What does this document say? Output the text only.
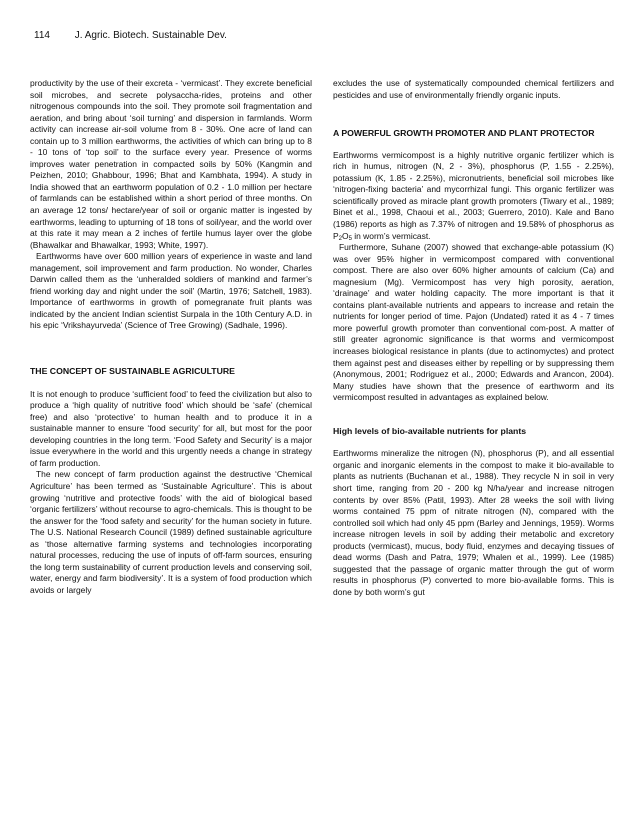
114 J. Agric. Biotech. Sustainable Dev.

productivity by the use of their excreta - ‘vermicast’. They excrete beneficial soil microbes, and secrete polysaccha-rides, proteins and other nitrogenous compounds into the soil. They promote soil fragmentation and aeration, and bring about ‘soil turning’ and dispersion in farmlands. Worm activity can increase air-soil volume from 8 - 30%. One acre of land can contain up to 3 million earthworms, the activities of which can bring up to 8 - 10 tons of ‘top soil’ to the surface every year. Presence of worms improves water penetration in compacted soils by 50% (Kangmin and Peizhen, 2010; Ghabbour, 1996; Bhat and Kambhata, 1994). A study in India showed that an earthworm population of 0.2 - 1.0 million per hectare of farmlands can be established within a short period of three months. On an average 12 tons/ hectare/year of soil or organic matter is ingested by earthworms, leading to upturning of 18 tons of soil/year, and the world over at this rate it may mean a 2 inches of fertile humus layer over the globe (Bhawalkar and Bhawalkar, 1993; White, 1997).

Earthworms have over 600 million years of experience in waste and land management, soil improvement and farm production. No wonder, Charles Darwin called them as the ‘unheralded soldiers of mankind and farmer’s friend working day and night under the soil’ (Martin, 1976; Satchell, 1983). Importance of earthworms in growth of pomegranate fruit plants was indicated by the ancient Indian scientist Surpala in the 10th Century A.D. in his epic ‘Vrikshayurveda’ (Science of Tree Growing) (Sadhale, 1996).

THE CONCEPT OF SUSTAINABLE AGRICULTURE

It is not enough to produce ‘sufficient food’ to feed the civilization but also to produce a ‘high quality of nutritive food’ which should be ‘safe’ (chemical free) and also ‘protective’ to human health and to produce it in a sustainable manner to ensure ‘food security’ for all, but most for the poor developing countries in the long term. ‘Food Safety and Security’ is a major issue everywhere in the world and this urgently needs a change in strategy of farm production.

The new concept of farm production against the destructive ‘Chemical Agriculture’ has been termed as ‘Sustainable Agriculture’. This is about growing ‘nutritive and protective foods’ with the aid of biological based ‘organic fertilizers’ without recourse to agro-chemicals. This is thought to be the answer for the ‘food safety and security’ for the human society in future. The U.S. National Research Council (1989) defined sustainable agriculture as ‘those alternative farming systems and technologies incorporating natural processes, reducing the use of inputs of off-farm sources, ensuring the long term sustainability of current production levels and conserving soil, water, energy and farm biodiversity’. It is a system of food production which avoids or largely

excludes the use of systematically compounded chemical fertilizers and pesticides and use of environmentally friendly organic inputs.

A POWERFUL GROWTH PROMOTER AND PLANT PROTECTOR

Earthworms vermicompost is a highly nutritive organic fertilizer which is rich in humus, nitrogen (N, 2 - 3%), phosphorus (P, 1.55 - 2.25%), potassium (K, 1.85 - 2.25%), micronutrients, beneficial soil microbes like ‘nitrogen-fixing bacteria’ and mycorrhizal fungi. This organic fertilizer was scientifically proved as miracle plant growth promoters (Tiwary et al., 1989; Binet et al., 1998, Chaoui et al., 2003; Guerrero, 2010). Kale and Bano (1986) reports as high as 7.37% of nitrogen and 19.58% of phosphorus as $P_2O_5$ in worm’s vermicast.

Furthermore, Suhane (2007) showed that exchange-able potassium (K) was over 95% higher in vermicompost compared with conventional compost. There are also over 60% higher amounts of calcium (Ca) and magnesium (Mg). Vermicompost has very high porosity, aeration, ‘drainage’ and water holding capacity. The more important is that it contains plant-available nutrients and appears to increase and retain the nutrients for longer period of time. Pajon (Undated) rated it as 4 - 7 times more powerful growth promoter than conventional com-post. A matter of still greater agronomic significance is that worms and vermicompost increases biological resistance in plants (due to actinomyctes) and protect them against pest and diseases either by repelling or by suppressing them (Anonymous, 2001; Rodriguez et al., 2000; Edwards and Arancon, 2004). Many studies have shown that the presence of earthworm and its vermicompost resulted in advantages as explained below.

High levels of bio-available nutrients for plants

Earthworms mineralize the nitrogen (N), phosphorus (P), and all essential organic and inorganic elements in the compost to make it bio-available to plants as nutrients (Buchanan et al., 1988). They recycle N in soil in very short time, ranging from 20 - 200 kg N/ha/year and increase nitrogen contents by over 85% (Patil, 1993). After 28 weeks the soil with living worms contained 75 ppm of nitrate nitrogen (N), compared with the controlled soil which had only 45 ppm (Barley and Jennings, 1959). Worms increase nitrogen levels in soil by adding their metabolic and excretory products (vermicast), mucus, body fluid, enzymes and decaying tissues of dead worms (Dash and Patra, 1979; Whalen et al., 1999). Lee (1985) suggested that the passage of organic matter through the gut of worm results in phosphorus (P) converted to more bio-available forms. This is done by both worm’s gut
